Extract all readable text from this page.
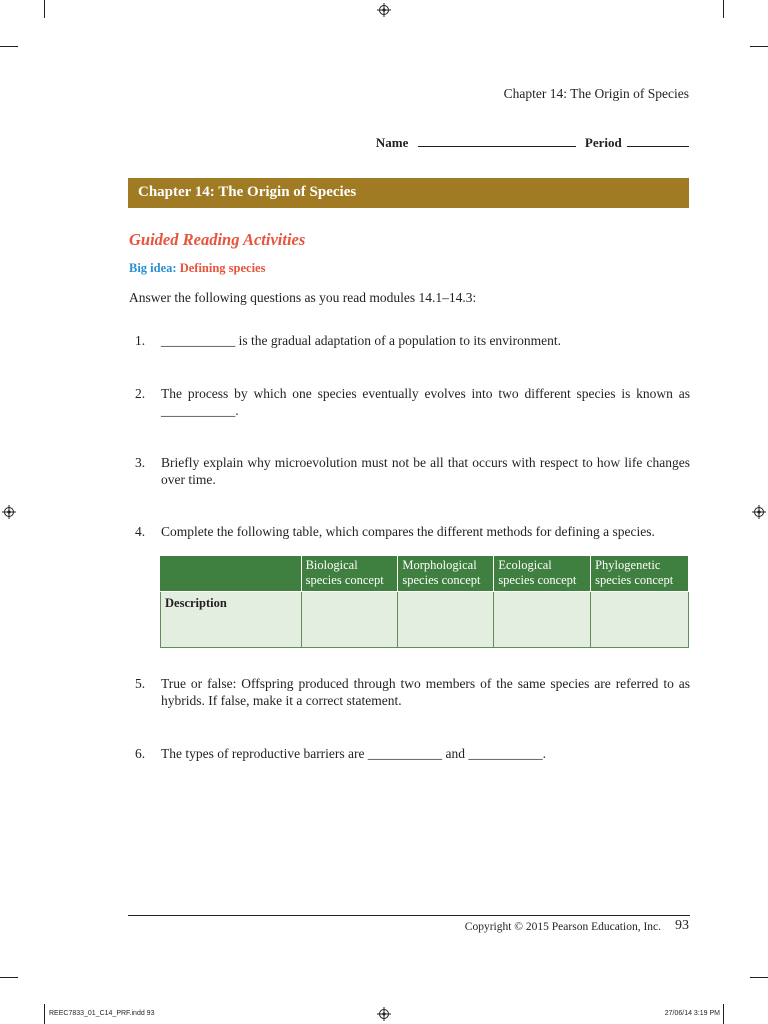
Chapter 14: The Origin of Species
Name	Period
Chapter 14: The Origin of Species
Guided Reading Activities
Big idea: Defining species
Answer the following questions as you read modules 14.1–14.3:
1. ___________ is the gradual adaptation of a population to its environment.
2. The process by which one species eventually evolves into two different species is known as ___________.
3. Briefly explain why microevolution must not be all that occurs with respect to how life changes over time.
4. Complete the following table, which compares the different methods for defining a species.
	Biological species concept	Morphological species concept	Ecological species concept	Phylogenetic species concept
Description				
5. True or false: Offspring produced through two members of the same species are referred to as hybrids. If false, make it a correct statement.
6. The types of reproductive barriers are ___________ and ___________.
Copyright © 2015 Pearson Education, Inc. 93
REEC7833_01_C14_PRF.indd 93	27/06/14 3:19 PM
